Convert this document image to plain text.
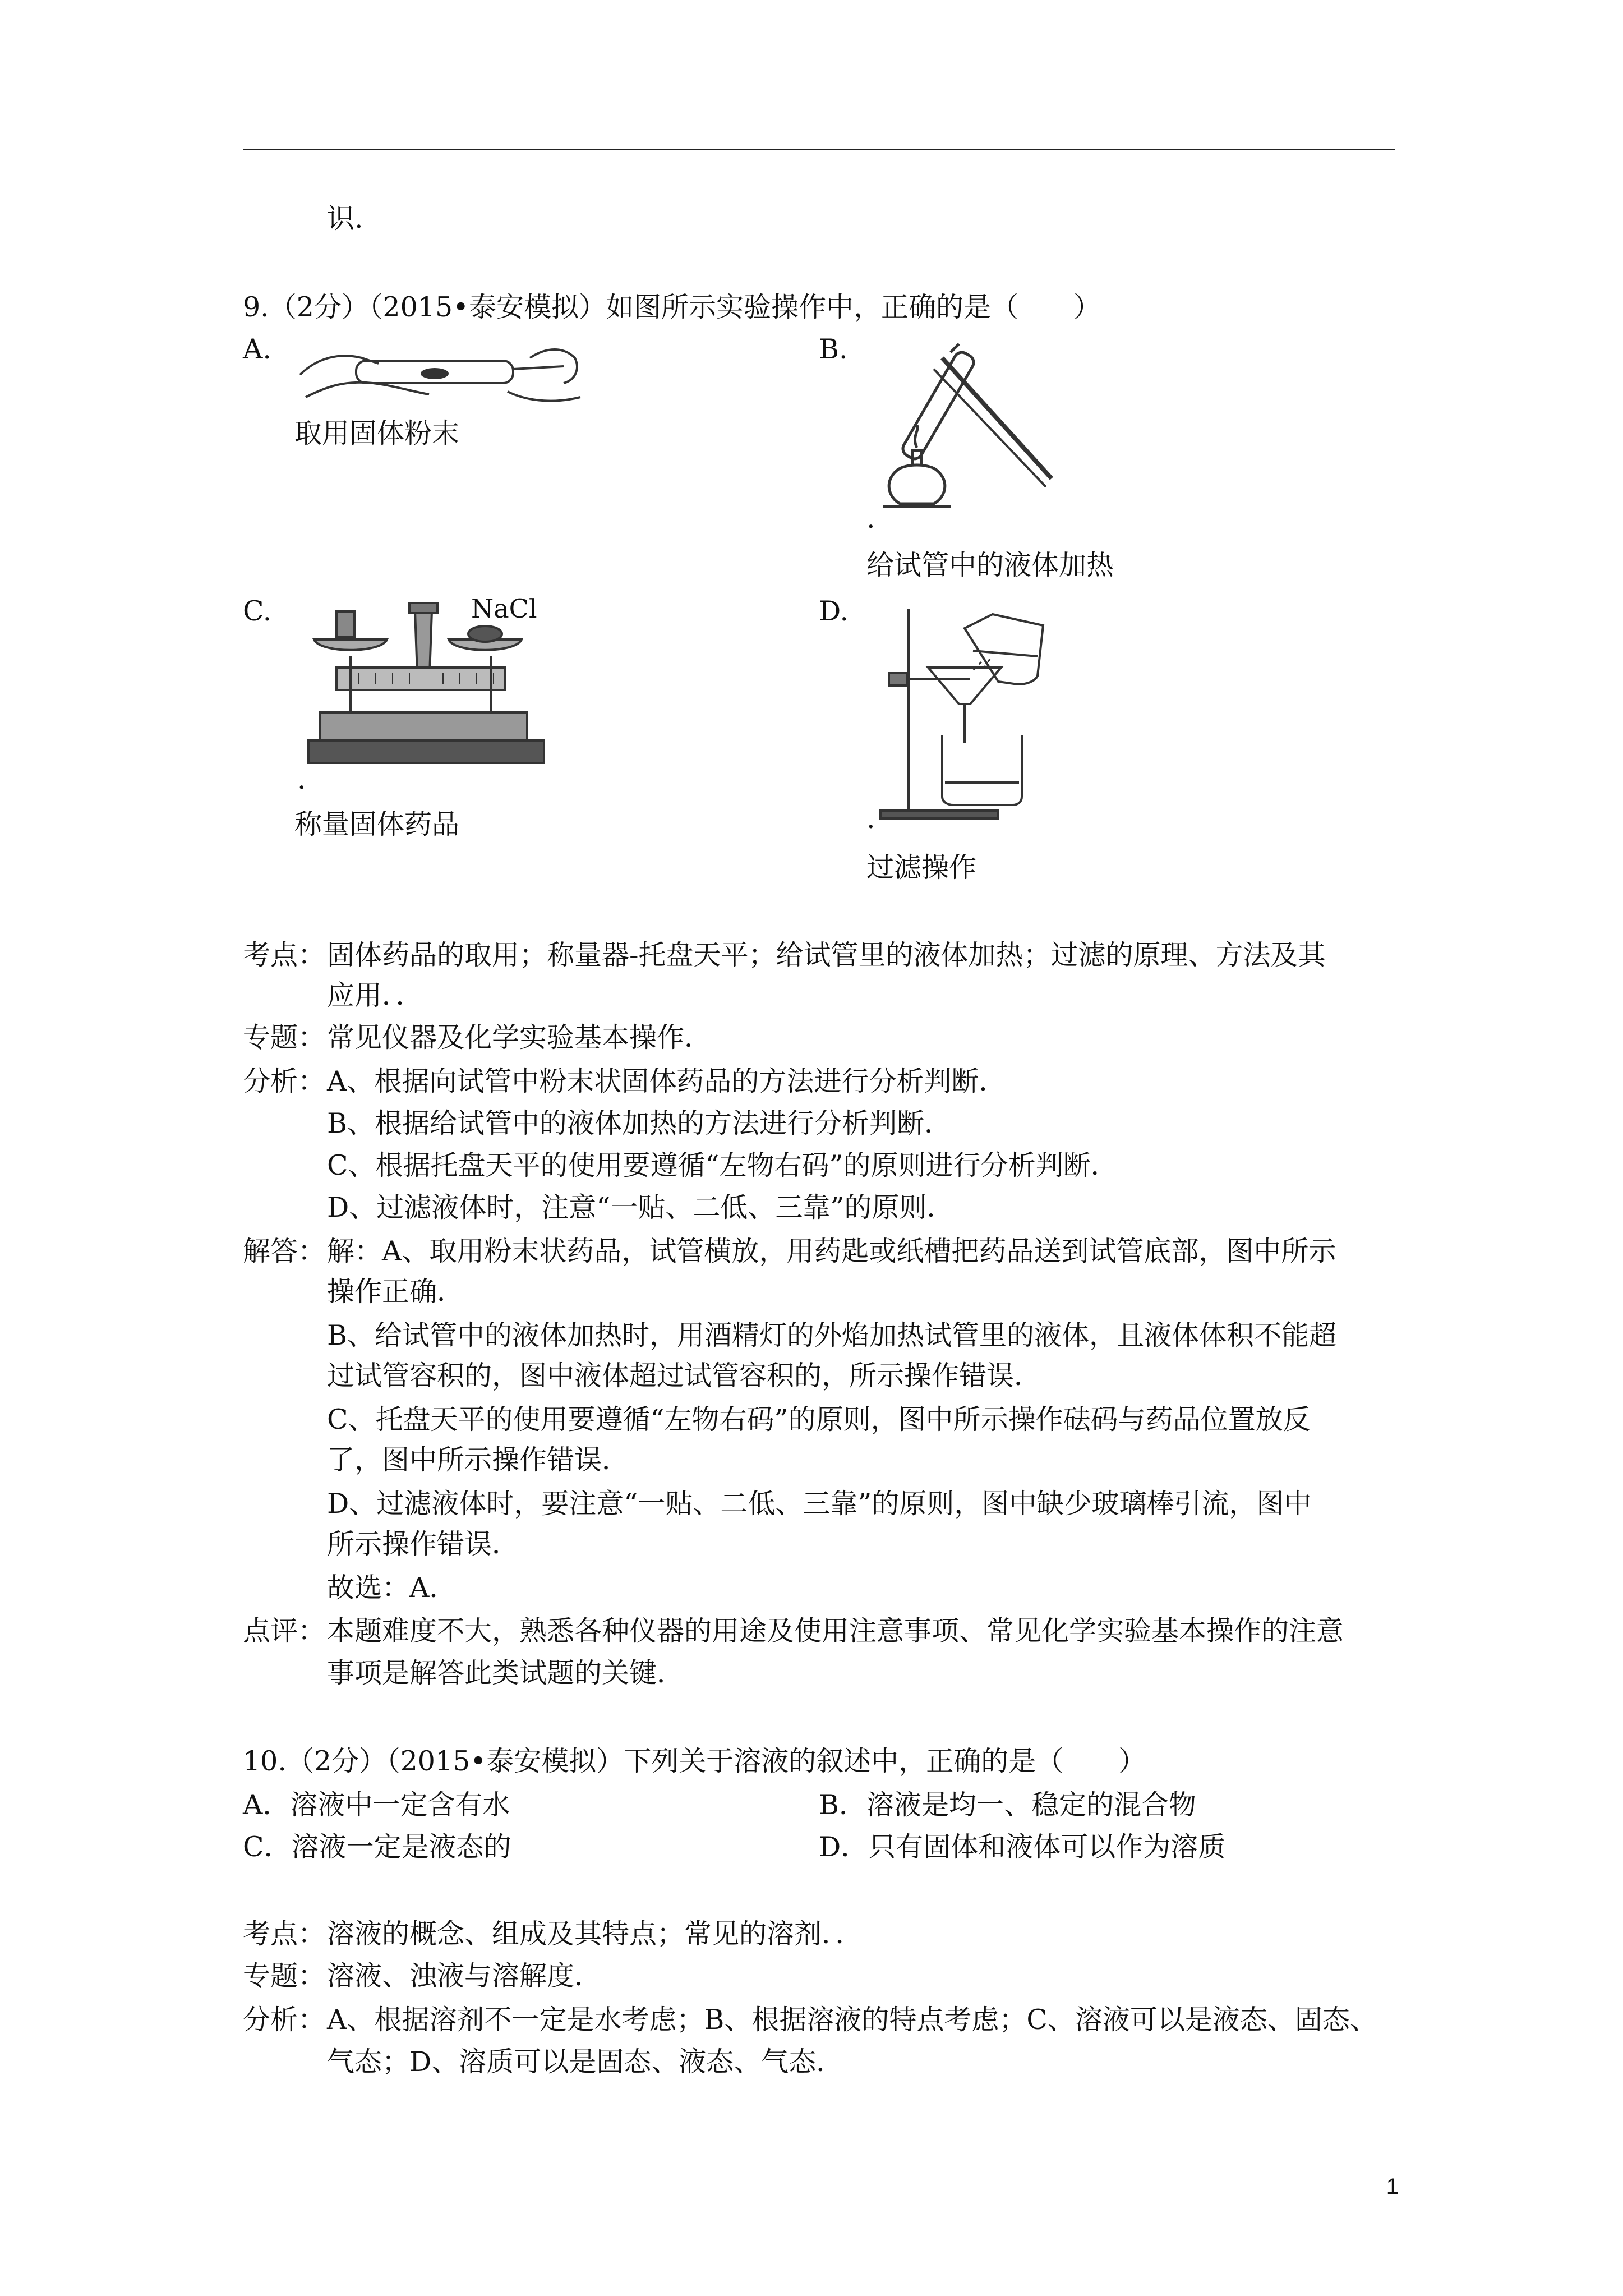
识.
9.（2分）（2015•泰安模拟）如图所示实验操作中，正确的是（　　）
A.
取用固体粉末
B.
.
给试管中的液体加热
C.	NaCl
.
称量固体药品
D.
.
过滤操作
考点： 固体药品的取用；称量器-托盘天平；给试管里的液体加热；过滤的原理、方法及其
应用．．
专题： 常见仪器及化学实验基本操作．
分析： A、根据向试管中粉末状固体药品的方法进行分析判断．
B、根据给试管中的液体加热的方法进行分析判断．
C、根据托盘天平的使用要遵循“左物右码”的原则进行分析判断．
D、过滤液体时，注意“一贴、二低、三靠”的原则．
解答： 解：A、取用粉末状药品，试管横放，用药匙或纸槽把药品送到试管底部，图中所示
操作正确．
B、给试管中的液体加热时，用酒精灯的外焰加热试管里的液体，且液体体积不能超
过试管容积的，图中液体超过试管容积的，所示操作错误．
C、托盘天平的使用要遵循“左物右码”的原则，图中所示操作砝码与药品位置放反
了，图中所示操作错误．
D、过滤液体时，要注意“一贴、二低、三靠”的原则，图中缺少玻璃棒引流，图中
所示操作错误．
故选：A．
点评： 本题难度不大，熟悉各种仪器的用途及使用注意事项、常见化学实验基本操作的注意
事项是解答此类试题的关键．
10.（2分）（2015•泰安模拟）下列关于溶液的叙述中，正确的是（　　）
A．溶液中一定含有水	B．溶液是均一、稳定的混合物
C．溶液一定是液态的	D．只有固体和液体可以作为溶质
考点： 溶液的概念、组成及其特点；常见的溶剂．．
专题： 溶液、浊液与溶解度．
分析： A、根据溶剂不一定是水考虑；B、根据溶液的特点考虑；C、溶液可以是液态、固态、
气态；D、溶质可以是固态、液态、气态．
1
